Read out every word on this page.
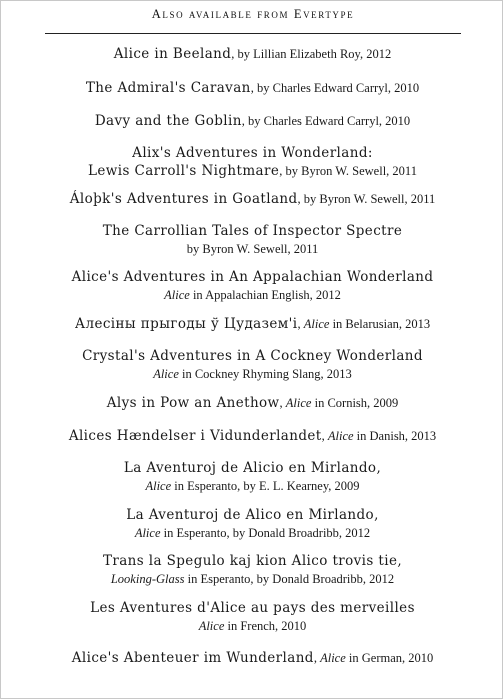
Also available from Evertype
Alice in Beeland, by Lillian Elizabeth Roy, 2012
The Admiral's Caravan, by Charles Edward Carryl, 2010
Davy and the Goblin, by Charles Edward Carryl, 2010
Alix's Adventures in Wonderland:
Lewis Carroll's Nightmare, by Byron W. Sewell, 2011
Áloþk's Adventures in Goatland, by Byron W. Sewell, 2011
The Carrollian Tales of Inspector Spectre
by Byron W. Sewell, 2011
Alice's Adventures in An Appalachian Wonderland
Alice in Appalachian English, 2012
Алесіны прыгоды ў Цудазем'і, Alice in Belarusian, 2013
Crystal's Adventures in A Cockney Wonderland
Alice in Cockney Rhyming Slang, 2013
Alys in Pow an Anethow, Alice in Cornish, 2009
Alices Hændelser i Vidunderlandet, Alice in Danish, 2013
La Aventuroj de Alicio en Mirlando,
Alice in Esperanto, by E. L. Kearney, 2009
La Aventuroj de Alico en Mirlando,
Alice in Esperanto, by Donald Broadribb, 2012
Trans la Spegulo kaj kion Alico trovis tie,
Looking-Glass in Esperanto, by Donald Broadribb, 2012
Les Aventures d'Alice au pays des merveilles
Alice in French, 2010
Alice's Abenteuer im Wunderland, Alice in German, 2010
